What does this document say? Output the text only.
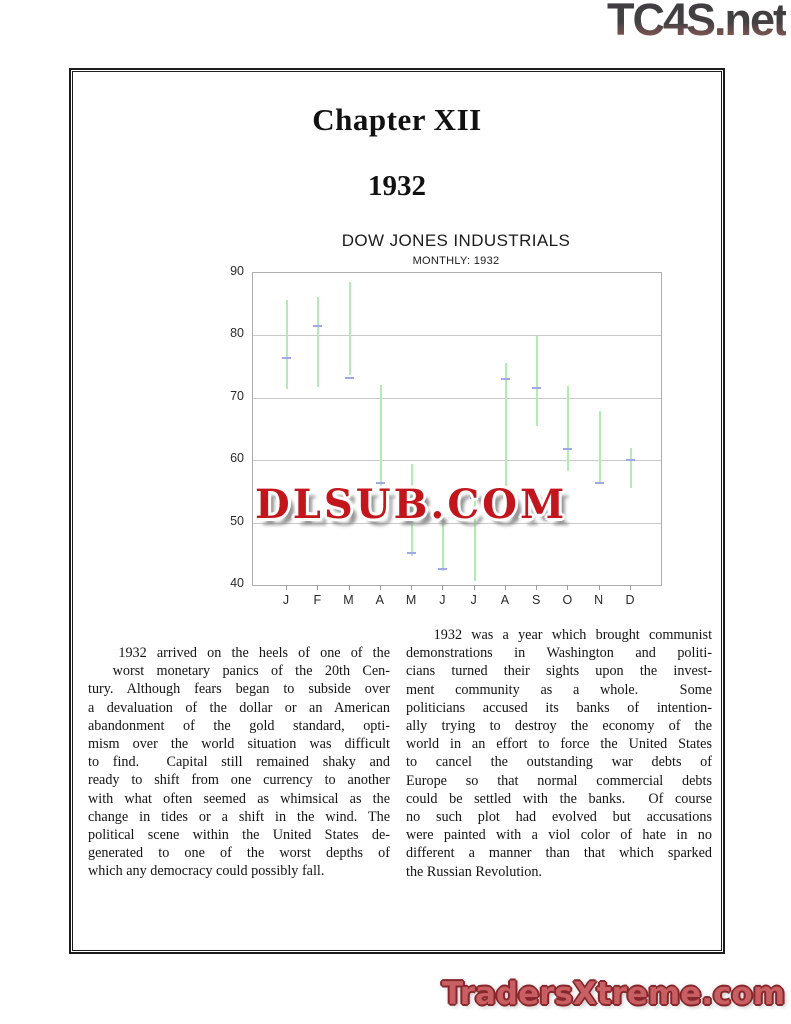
TC4S.net
Chapter XII
1932
DOW JONES INDUSTRIALS
MONTHLY: 1932
90
80
70
60
50
40
J	F	M	A	M	J	J	A	S	O	N	D
DLSUB.COM
1932 arrived on the heels of one of the
worst monetary panics of the 20th Cen-
tury. Although fears began to subside over
a devaluation of the dollar or an American
abandonment of the gold standard, opti-
mism over the world situation was difficult
to find.  Capital still remained shaky and
ready to shift from one currency to another
with what often seemed as whimsical as the
change in tides or a shift in the wind. The
political scene within the United States de-
generated to one of the worst depths of
which any democracy could possibly fall.
1932 was a year which brought communist
demonstrations in Washington and politi-
cians turned their sights upon the invest-
ment community as a whole.  Some
politicians accused its banks of intention-
ally trying to destroy the economy of the
world in an effort to force the United States
to cancel the outstanding war debts of
Europe so that normal commercial debts
could be settled with the banks.  Of course
no such plot had evolved but accusations
were painted with a viol color of hate in no
different a manner than that which sparked
the Russian Revolution.
TradersXtreme.com
